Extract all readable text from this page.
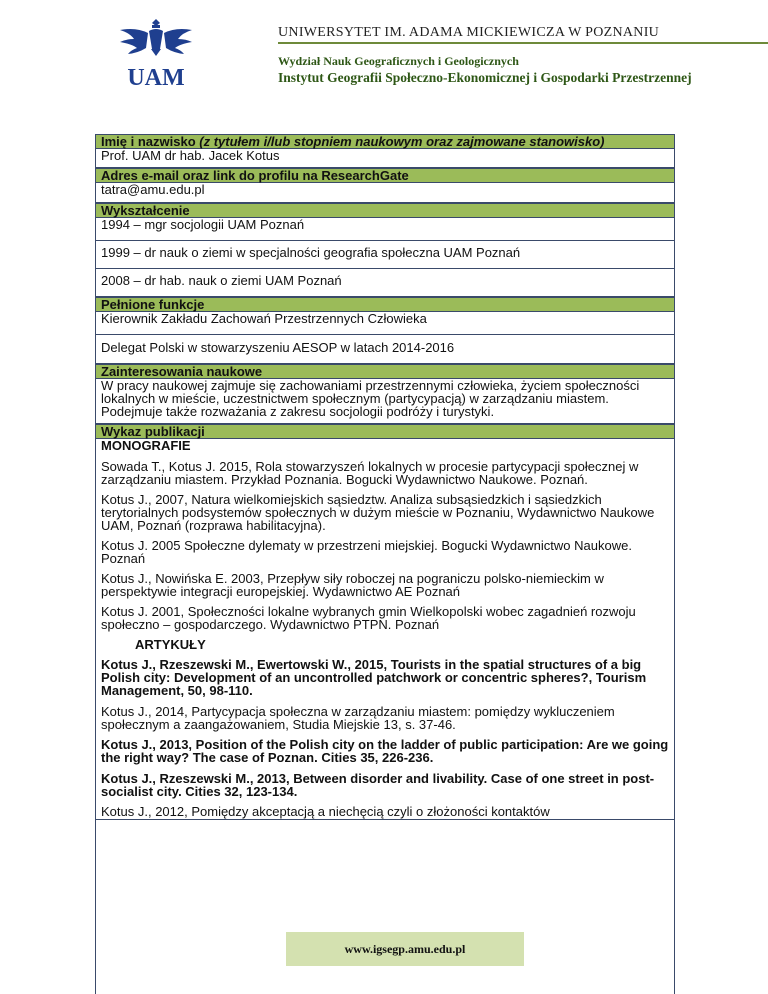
UAM
UNIWERSYTET IM. ADAMA MICKIEWICZA W POZNANIU
Wydział Nauk Geograficznych i Geologicznych
Instytut Geografii Społeczno-Ekonomicznej i Gospodarki Przestrzennej
Imię i nazwisko (z tytułem i/lub stopniem naukowym oraz zajmowane stanowisko)
Prof. UAM dr hab. Jacek Kotus
Adres e-mail oraz link do profilu na ResearchGate
tatra@amu.edu.pl
Wykształcenie
1994 – mgr socjologii UAM Poznań
1999 – dr nauk o ziemi w specjalności geografia społeczna UAM Poznań
2008 – dr hab. nauk o ziemi UAM Poznań
Pełnione funkcje
Kierownik Zakładu Zachowań Przestrzennych Człowieka
Delegat Polski w stowarzyszeniu AESOP w latach 2014-2016
Zainteresowania naukowe
W pracy naukowej zajmuje się zachowaniami przestrzennymi człowieka, życiem społeczności lokalnych w mieście, uczestnictwem społecznym (partycypacją) w zarządzaniu miastem. Podejmuje także rozważania z zakresu socjologii podróży i turystyki.
Wykaz publikacji
MONOGRAFIE
Sowada T., Kotus J. 2015, Rola stowarzyszeń lokalnych w procesie partycypacji społecznej w zarządzaniu miastem. Przykład Poznania. Bogucki Wydawnictwo Naukowe. Poznań.
Kotus J., 2007, Natura wielkomiejskich sąsiedztw. Analiza subsąsiedzkich i sąsiedzkich terytorialnych podsystemów społecznych w dużym mieście w Poznaniu, Wydawnictwo Naukowe UAM, Poznań (rozprawa habilitacyjna).
Kotus J. 2005 Społeczne dylematy w przestrzeni miejskiej. Bogucki Wydawnictwo Naukowe. Poznań
Kotus J., Nowińska E. 2003, Przepływ siły roboczej na pograniczu polsko-niemieckim w perspektywie integracji europejskiej. Wydawnictwo AE Poznań
Kotus J. 2001, Społeczności lokalne wybranych gmin Wielkopolski wobec zagadnień rozwoju społeczno – gospodarczego. Wydawnictwo PTPN. Poznań
ARTYKUŁY
Kotus J., Rzeszewski M., Ewertowski W., 2015, Tourists in the spatial structures of a big Polish city: Development of an uncontrolled patchwork or concentric spheres?, Tourism Management, 50, 98-110.
Kotus J., 2014, Partycypacja społeczna w zarządzaniu miastem: pomiędzy wykluczeniem społecznym a zaangażowaniem, Studia Miejskie 13, s. 37-46.
Kotus J., 2013, Position of the Polish city on the ladder of public participation: Are we going the right way? The case of Poznan. Cities 35, 226-236.
Kotus J., Rzeszewski M., 2013, Between disorder and livability. Case of one street in post-socialist city. Cities 32, 123-134.
Kotus J., 2012, Pomiędzy akceptacją a niechęcią czyli o złożoności kontaktów
www.igsegp.amu.edu.pl
